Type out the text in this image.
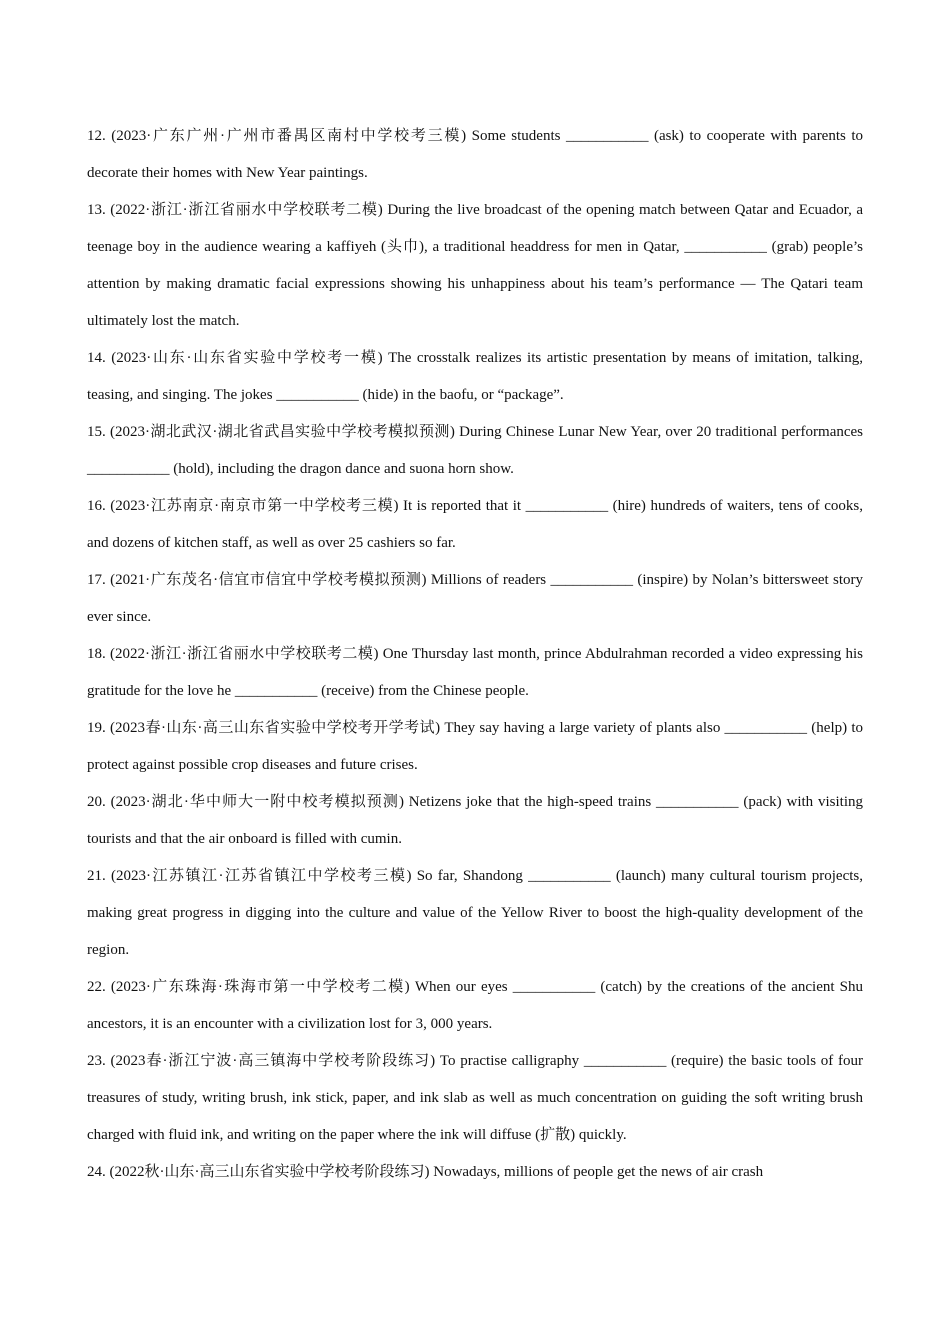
12. (2023·广东广州·广州市番禺区南村中学校考三模) Some students ___________ (ask) to cooperate with parents to decorate their homes with New Year paintings.

13. (2022·浙江·浙江省丽水中学校联考二模) During the live broadcast of the opening match between Qatar and Ecuador, a teenage boy in the audience wearing a kaffiyeh (头巾), a traditional headdress for men in Qatar, ___________ (grab) people’s attention by making dramatic facial expressions showing his unhappiness about his team’s performance — The Qatari team ultimately lost the match.

14. (2023·山东·山东省实验中学校考一模) The crosstalk realizes its artistic presentation by means of imitation, talking, teasing, and singing. The jokes ___________ (hide) in the baofu, or “package”.

15. (2023·湖北武汉·湖北省武昌实验中学校考模拟预测) During Chinese Lunar New Year, over 20 traditional performances ___________ (hold), including the dragon dance and suona horn show.

16. (2023·江苏南京·南京市第一中学校考三模) It is reported that it ___________ (hire) hundreds of waiters, tens of cooks, and dozens of kitchen staff, as well as over 25 cashiers so far.

17. (2021·广东茂名·信宜市信宜中学校考模拟预测) Millions of readers ___________ (inspire) by Nolan’s bittersweet story ever since.

18. (2022·浙江·浙江省丽水中学校联考二模) One Thursday last month, prince Abdulrahman recorded a video expressing his gratitude for the love he ___________ (receive) from the Chinese people.

19. (2023春·山东·高三山东省实验中学校考开学考试) They say having a large variety of plants also ___________ (help) to protect against possible crop diseases and future crises.

20. (2023·湖北·华中师大一附中校考模拟预测) Netizens joke that the high-speed trains ___________ (pack) with visiting tourists and that the air onboard is filled with cumin.

21. (2023·江苏镇江·江苏省镇江中学校考三模) So far, Shandong ___________ (launch) many cultural tourism projects, making great progress in digging into the culture and value of the Yellow River to boost the high-quality development of the region.

22. (2023·广东珠海·珠海市第一中学校考二模) When our eyes ___________ (catch) by the creations of the ancient Shu ancestors, it is an encounter with a civilization lost for 3, 000 years.

23. (2023春·浙江宁波·高三镇海中学校考阶段练习) To practise calligraphy ___________ (require) the basic tools of four treasures of study, writing brush, ink stick, paper, and ink slab as well as much concentration on guiding the soft writing brush charged with fluid ink, and writing on the paper where the ink will diffuse (扩散) quickly.

24. (2022秋·山东·高三山东省实验中学校考阶段练习) Nowadays, millions of people get the news of air crash
